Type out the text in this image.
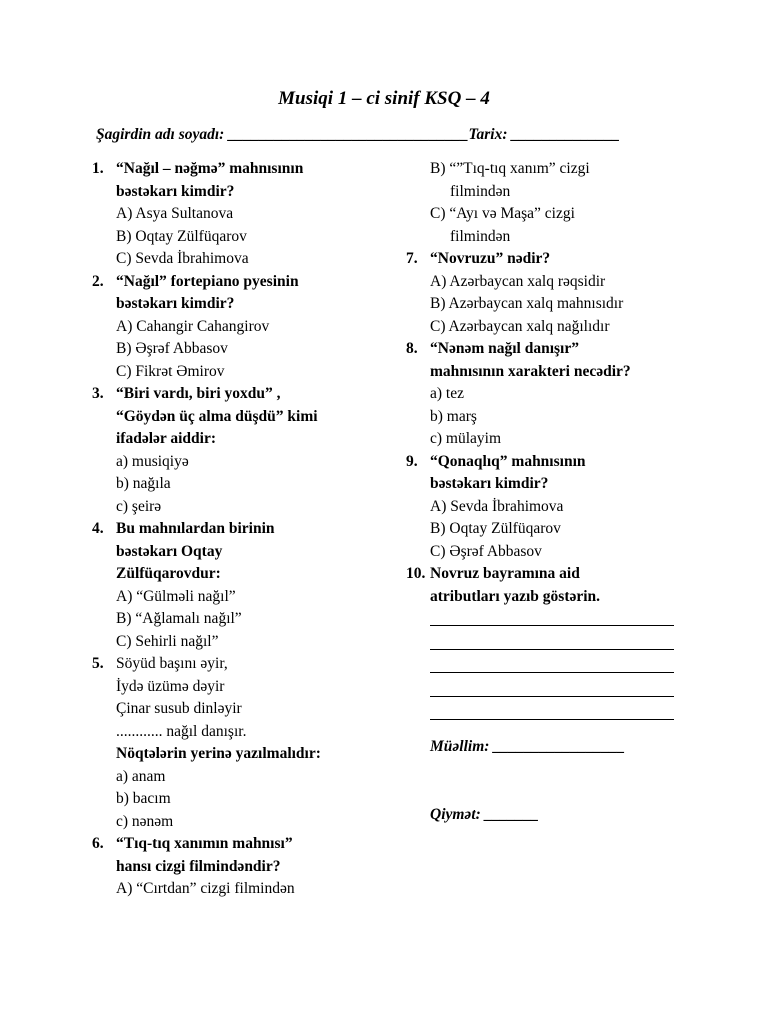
Musiqi 1 – ci sinif KSQ – 4
Şagirdin adı soyadı: _______________________________Tarix: ______________
1. “Nağıl – nəğmə” mahnısının
bəstəkarı kimdir?
A) Asya Sultanova
B) Oqtay Zülfüqarov
C) Sevda İbrahimova
2. “Nağıl” fortepiano pyesinin
bəstəkarı kimdir?
A) Cahangir Cahangirov
B) Əşrəf Abbasov
C) Fikrət Əmirov
3. “Biri vardı, biri yoxdu” ,
“Göydən üç alma düşdü” kimi
ifadələr aiddir:
a) musiqiyə
b) nağıla
c) şeirə
4. Bu mahnılardan birinin
bəstəkarı Oqtay
Zülfüqarovdur:
A) “Gülməli nağıl”
B) “Ağlamalı nağıl”
C) Sehirli nağıl”
5. Söyüd başını əyir,
İydə üzümə dəyir
Çinar susub dinləyir
............ nağıl danışır.
Nöqtələrin yerinə yazılmalıdır:
a) anam
b) bacım
c) nənəm
6. “Tıq-tıq xanımın mahnısı”
hansı cizgi filmindəndir?
A) “Cırtdan” cizgi filmindən
B) “”Tıq-tıq xanım” cizgi
filmindən
C) “Ayı və Maşa” cizgi
filmindən
7. “Novruzu” nədir?
A) Azərbaycan xalq rəqsidir
B) Azərbaycan xalq mahnısıdır
C) Azərbaycan xalq nağılıdır
8. “Nənəm nağıl danışır”
mahnısının xarakteri necədir?
a) tez
b) marş
c) mülayim
9. “Qonaqlıq” mahnısının
bəstəkarı kimdir?
A) Sevda İbrahimova
B) Oqtay Zülfüqarov
C) Əşrəf Abbasov
10. Novruz bayramına aid
atributları yazıb göstərin.
Müəllim: _________________
Qiymət: _______
